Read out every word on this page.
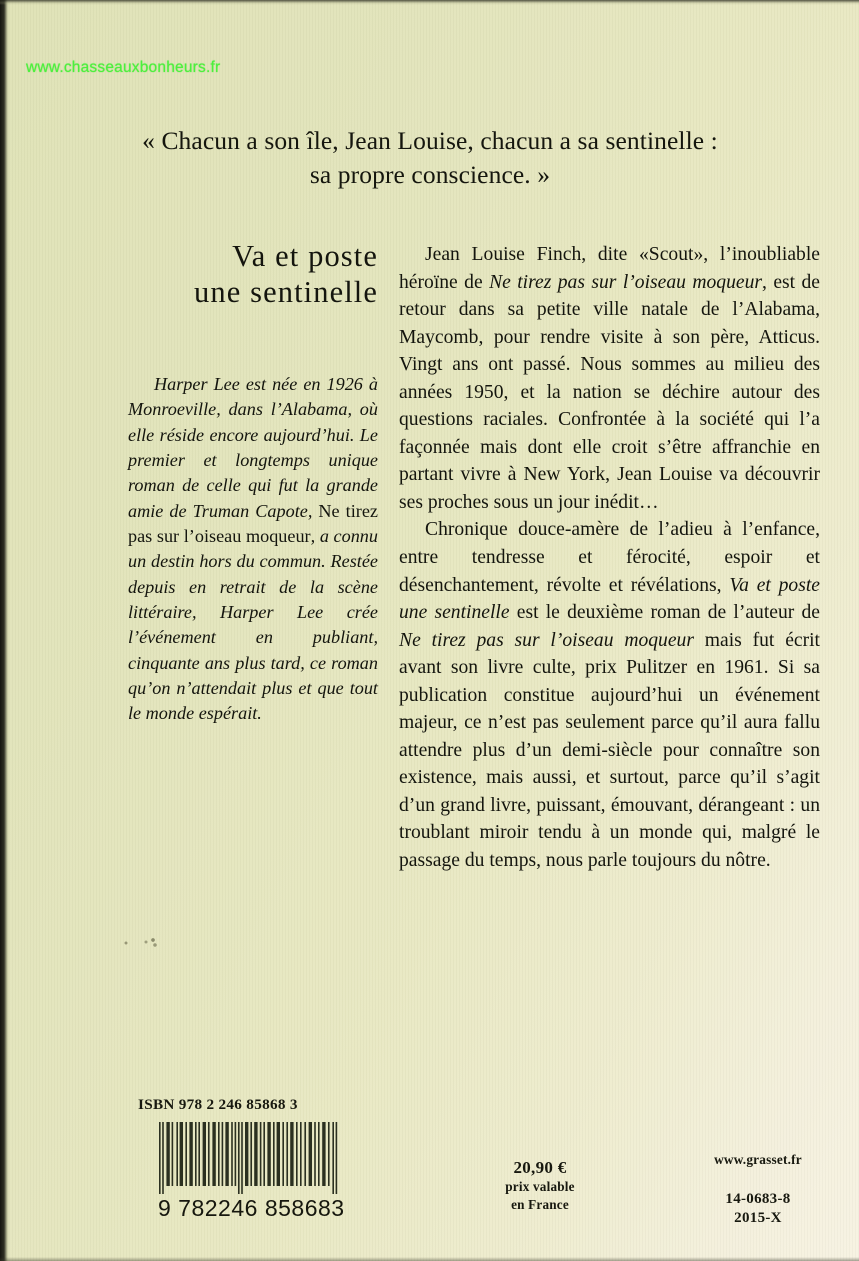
www.chasseauxbonheurs.fr
« Chacun a son île, Jean Louise, chacun a sa sentinelle :
sa propre conscience. »
Va et poste
une sentinelle
Harper Lee est née en 1926 à Monroeville, dans l’Alabama, où elle réside encore aujourd’hui. Le premier et longtemps unique roman de celle qui fut la grande amie de Truman Capote, Ne tirez pas sur l’oiseau moqueur, a connu un destin hors du commun. Restée depuis en retrait de la scène littéraire, Harper Lee crée l’événement en publiant, cinquante ans plus tard, ce roman qu’on n’attendait plus et que tout le monde espérait.

Jean Louise Finch, dite «Scout», l’inoubliable héroïne de Ne tirez pas sur l’oiseau moqueur, est de retour dans sa petite ville natale de l’Alabama, Maycomb, pour rendre visite à son père, Atticus. Vingt ans ont passé. Nous sommes au milieu des années 1950, et la nation se déchire autour des questions raciales. Confrontée à la société qui l’a façonnée mais dont elle croit s’être affranchie en partant vivre à New York, Jean Louise va découvrir ses proches sous un jour inédit…

Chronique douce-amère de l’adieu à l’enfance, entre tendresse et férocité, espoir et désenchantement, révolte et révélations, Va et poste une sentinelle est le deuxième roman de l’auteur de Ne tirez pas sur l’oiseau moqueur mais fut écrit avant son livre culte, prix Pulitzer en 1961. Si sa publication constitue aujourd’hui un événement majeur, ce n’est pas seulement parce qu’il aura fallu attendre plus d’un demi-siècle pour connaître son existence, mais aussi, et surtout, parce qu’il s’agit d’un grand livre, puissant, émouvant, dérangeant : un troublant miroir tendu à un monde qui, malgré le passage du temps, nous parle toujours du nôtre.

ISBN 978 2 246 85868 3
9 782246 858683
20,90 €
prix valable
en France
www.grasset.fr
14-0683-8
2015-X
